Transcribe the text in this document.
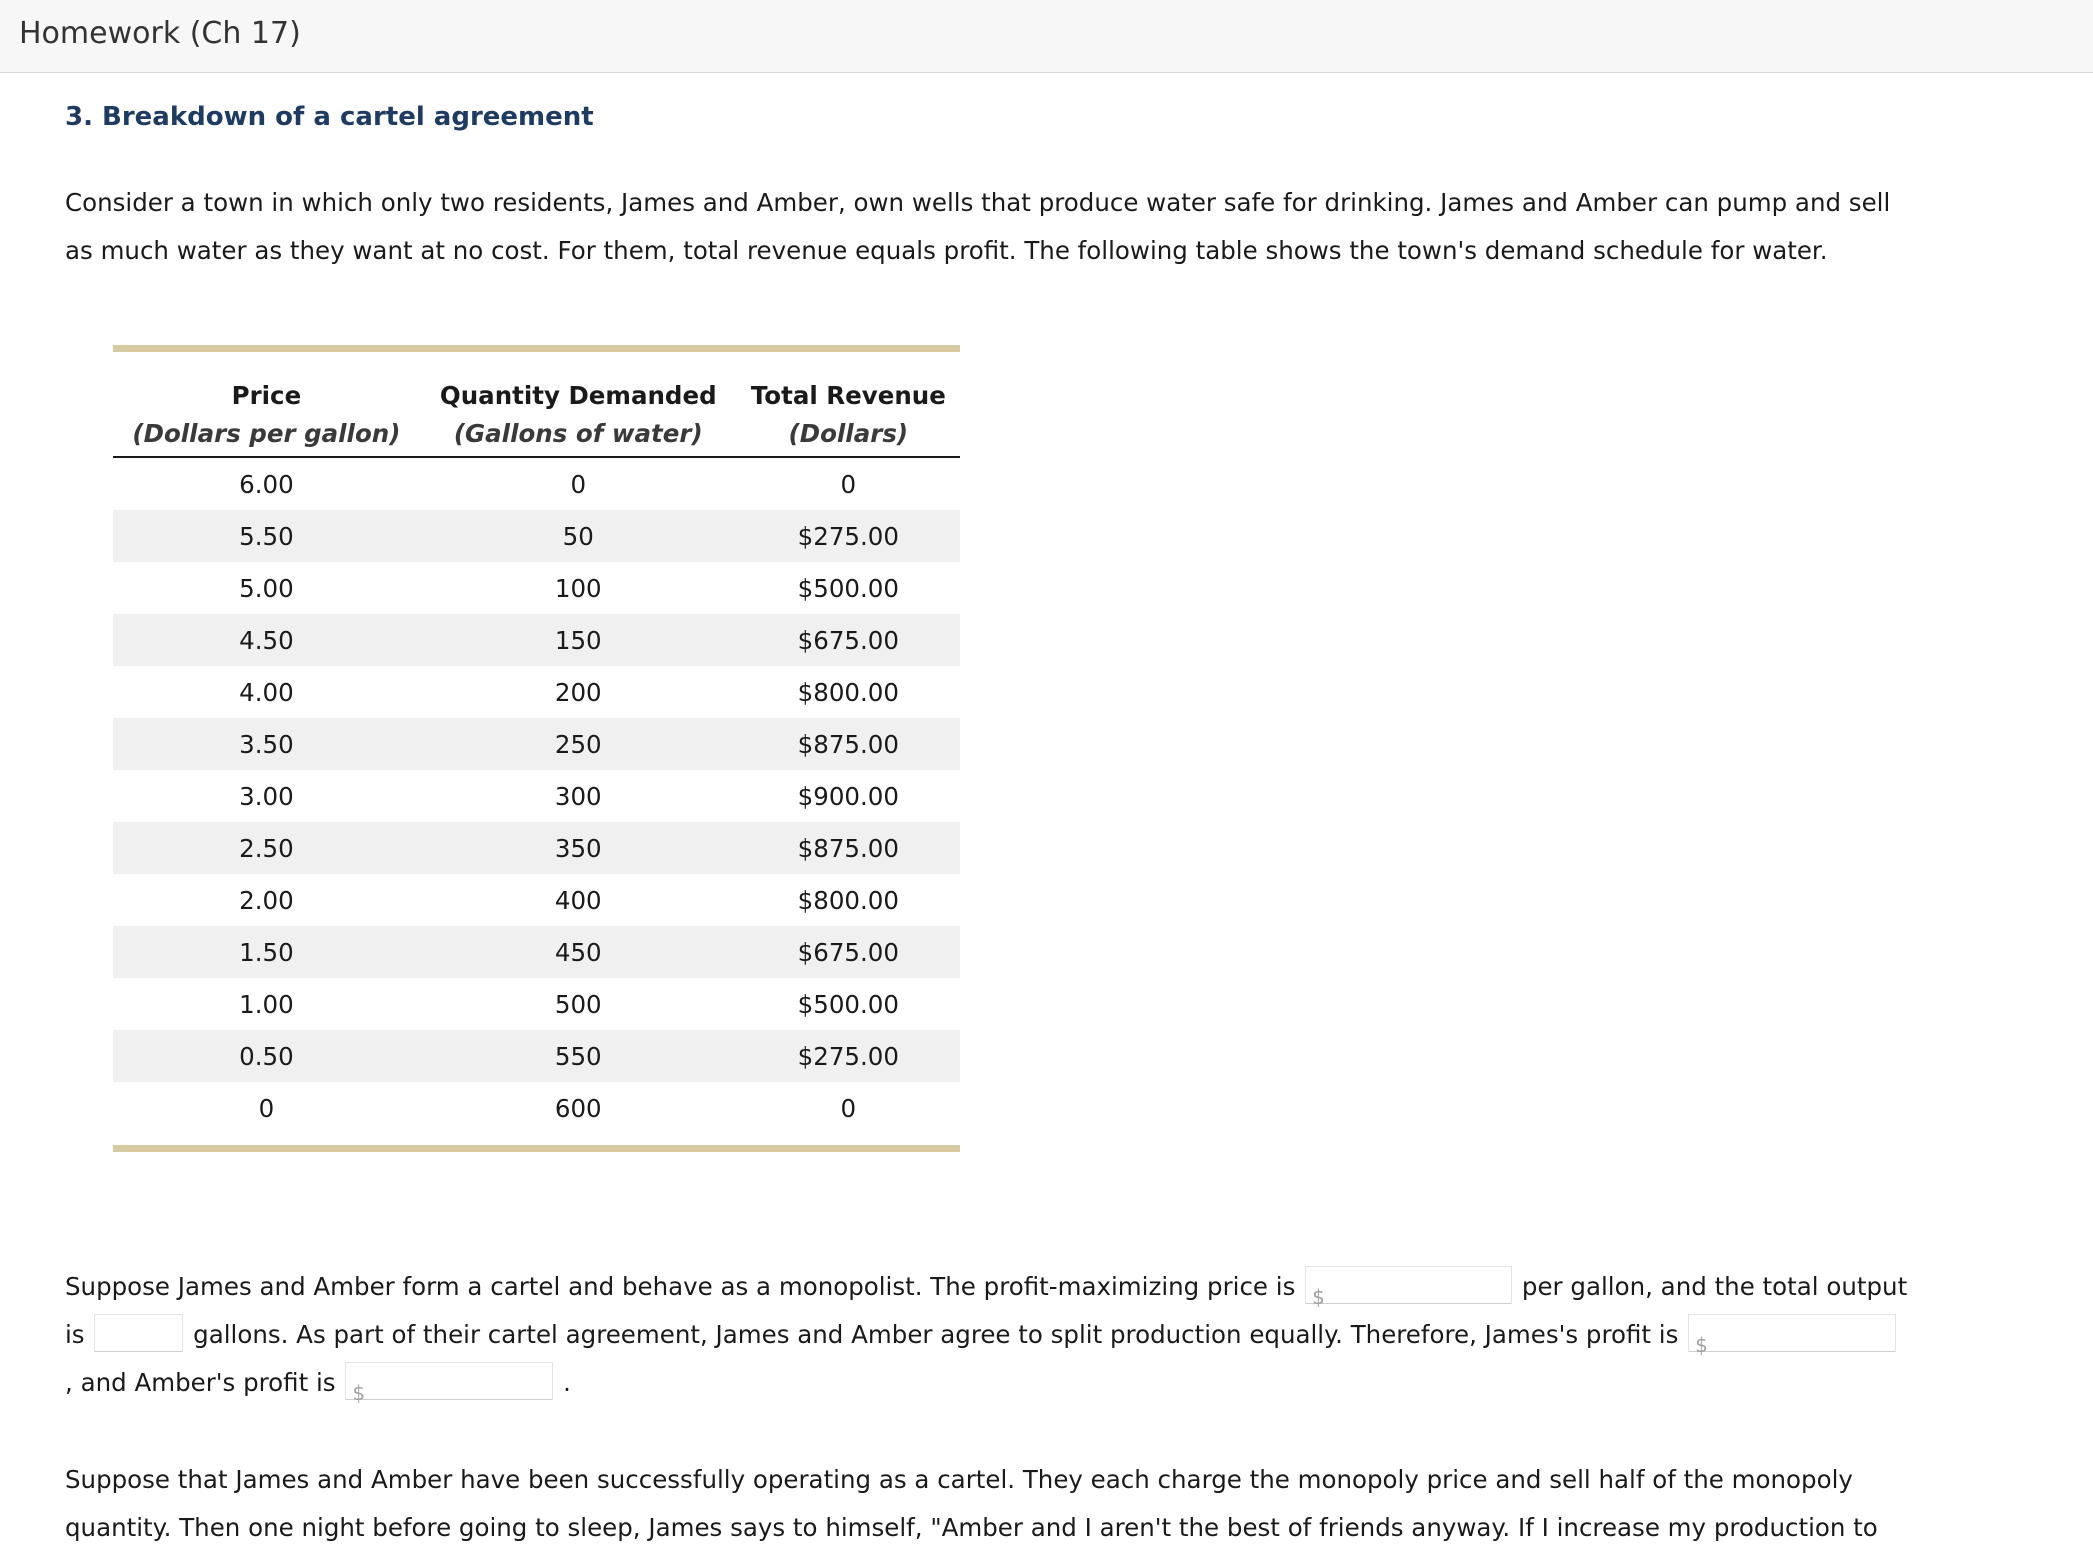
Homework (Ch 17)
3. Breakdown of a cartel agreement

Consider a town in which only two residents, James and Amber, own wells that produce water safe for drinking. James and Amber can pump and sell as much water as they want at no cost. For them, total revenue equals profit. The following table shows the town's demand schedule for water.

Price	Quantity Demanded	Total Revenue
(Dollars per gallon)	(Gallons of water)	(Dollars)
6.00	0	0
5.50	50	$275.00
5.00	100	$500.00
4.50	150	$675.00
4.00	200	$800.00
3.50	250	$875.00
3.00	300	$900.00
2.50	350	$875.00
2.00	400	$800.00
1.50	450	$675.00
1.00	500	$500.00
0.50	550	$275.00
0	600	0

Suppose James and Amber form a cartel and behave as a monopolist. The profit-maximizing price is $	per gallon, and the total output is	gallons. As part of their cartel agreement, James and Amber agree to split production equally. Therefore, James's profit is $
, and Amber's profit is $	.

Suppose that James and Amber have been successfully operating as a cartel. They each charge the monopoly price and sell half of the monopoly quantity. Then one night before going to sleep, James says to himself, "Amber and I aren't the best of friends anyway. If I increase my production to
